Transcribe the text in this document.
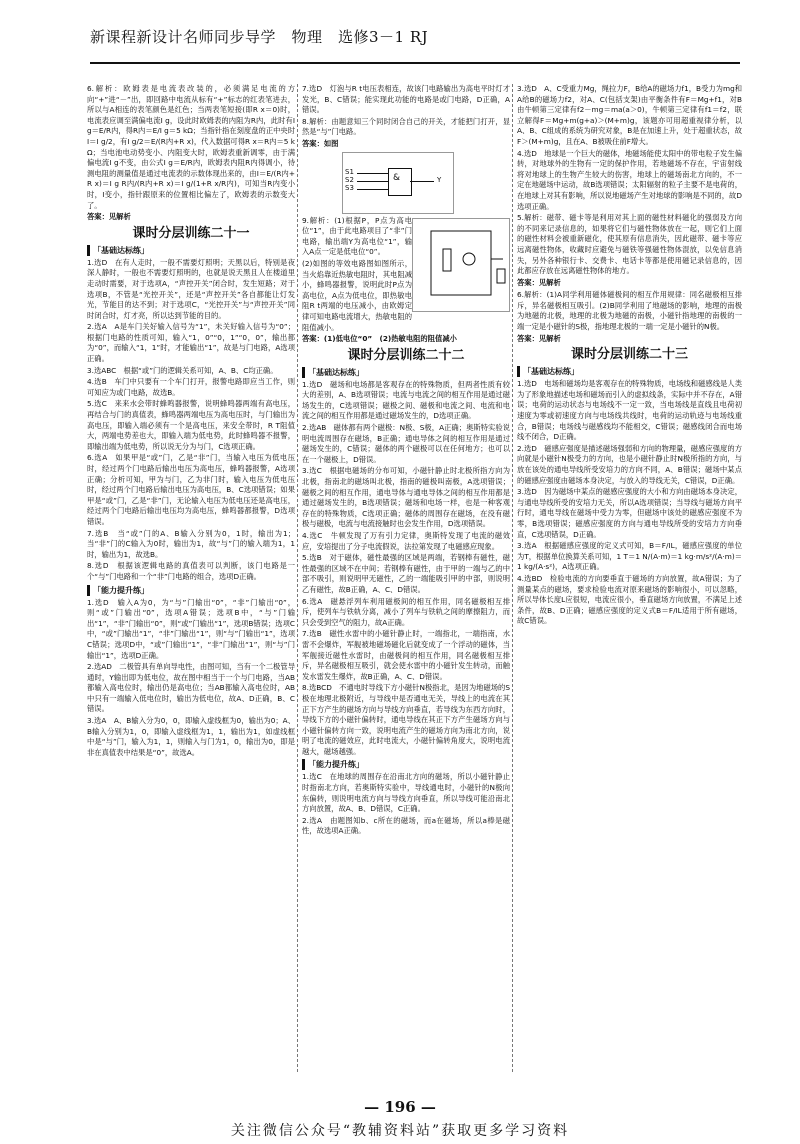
新课程新设计名师同步导学　物理　选修3－1 RJ

6.解析：欧姆表是电流表改装的，必须满足电流的方向“+”进“－”出，即回路中电流从标有“+”标志的红表笔进去，所以与A相连的表笔颜色是红色；当两表笔短接(即R x＝0)时，电流表应调至满偏电流I g，设此时欧姆表的内阻为R内，此时有I g＝E/R内，得R内＝E/I g＝5 kΩ；当指针指在刻度盘的正中央时I＝I g/2，有I g/2＝E/(R内+R x)，代入数据可得R x＝R内＝5 kΩ；当电池电动势变小、内阻变大时，欧姆表重新调零，由于满偏电流I g不变，由公式I g＝E/R内，欧姆表内阻R内得调小，待测电阻的测量值是通过电流表的示数体现出来的，由I＝E/(R内+R x)＝I g R内/(R内+R x)＝I g/(1+R x/R内)，可知当R内变小时，I变小，指针跟原来的位置相比偏左了，欧姆表的示数变大了。

答案：见解析

课时分层训练二十一
「基础达标练」

1.选D　在有人走时，一般不需要灯照明；天黑以后，特别是夜深人静时，一般也不需要灯照明的，也就是说天黑且人在楼道里走动时需要，对于选项A，“声控开关”闭合时，发生短路；对于选项B，不管是“光控开关”，还是“声控开关”各自都能让灯发光，节能目的达不到；对于选项C，“光控开关”与“声控开关”同时闭合时，灯才亮，所以达到节能的目的。

2.选A　A是车门关好输入信号为“1”，未关好输入信号为“0”；根据门电路的性质可知，输入“1，0”“0，1”“0，0”，输出都为“0”，而输入“1，1”时，才能输出“1”，故是与门电路，A选项正确。

3.选ABC　根据“或”门的逻辑关系可知，A、B、C均正确。

4.选B　车门中只要有一个车门打开，报警电路即应当工作，则可知应为或门电路，故选B。

5.选C　来来水会带时蜂鸣器报警，说明蜂鸣器两端有高电压，再结合与门的真值表，蜂鸣器两端电压为高电压时，与门输出为高电压，即输入端必须有一个是高电压，来安全带时，R T阻值大，两端电势差也大，即输入端为低电势，此时蜂鸣器不报警，即输出端为低电势，所以说无分为与门，C选项正确。

6.选A　如果甲是“或”门，乙是“非”门，当输入电压为低电压时，经过两个门电路后输出电压为高电压，蜂鸣器报警，A选项正确；分析可知，甲为与门，乙为非门时，输入电压为低电压时，经过两个门电路后输出电压为高电压，B、C选项错误；如果甲是“或”门，乙是“非”门，无论输入电压为低电压还是高电压，经过两个门电路后输出电压均为高电压，蜂鸣器都报警，D选项错误。

7.选B　当“或”门的A、B输入分别为0，1时，输出为1；当“非”门的C输入为0时，输出为1，故“与”门的输入端为1，1时，输出为1，故选B。

8.选D　根据该逻辑电路的真值表可以判断，该门电路是一个“与”门电路和一个“非”门电路的组合，选项D正确。

「能力提升练」

1.选D　输入A为0，为“与”门输出“0”，“非”门输出“0”，则“或”门输出“0”，选项A错误；选项B中，“与”门输出“1”，“非”门输出“0”，则“或”门输出“1”，选项B错误；选项C中，“或”门输出“1”，“非”门输出“1”，则“与”门输出“1”，选项C错误；选项D中，“或”门输出“1”，“非”门输出“1”，则“与”门输出“1”，选项D正确。

2.选AD　二极管具有单向导电性，由图可知，当有一个二极管导通时，Y输出即为低电位，故在图中相当于一个与门电路，当AB都输入高电位时，输出仍是高电位；当AB都输入高电位时，AB中只有一端输入低电位时，输出为低电位，故A、D正确，B、C错误。

3.选A　A、B输入分为0，0，即输入虚线框为0，输出为0；A、B输入分别为1，0，即输入虚线框为1，1，输出为1，如虚线框中是“与”门，输入为1，1，则输入与门为1，0，输出为0，即是非在真值表中结果是“0”，故选A。

7.选D　灯泡与R t电压表相连，故该门电路输出为高电平时灯才发光，B、C错误；能实现此功能的电路是或门电路，D正确，A错误。

8.解析：由题意知三个同时闭合自己的开关，才能把门打开，显然是“与”门电路。

答案：如图

S1
S2
S3
&	Y

9.解析：(1)根据P，P点为高电位“1”，由于此电路项目了“非”门电路，输出端Y为高电位“1”，输入A点一定是低电位“0”。

(2)如图的等效电路图如图所示，当火焰靠近热敏电阻时，其电阻减小，蜂鸣器报警，说明此时P点为高电位，A点为低电位，即热敏电阻R t两端的电压减小，由欧姆定律可知电路电流增大，热敏电阻的阻值减小。

答案：(1)低电位“0”　(2)热敏电阻的阻值减小

课时分层训练二十二
「基础达标练」

1.选D　磁场和电场都是客观存在的特殊物质，但两者性质有较大的差别，A、B选项错误；电流与电流之间的相互作用是通过磁场发生的，C选项错误；磁极之间、磁极和电流之间、电流和电流之间的相互作用都是通过磁场发生的，D选项正确。

2.选AB　磁体都有两个磁极：N极、S极，A正确；奥斯特实验说明电流周围存在磁场，B正确；通电导体之间的相互作用是通过磁场发生的，C错误；磁体的两个磁极可以在任何地方；也可以在一个磁极上，D错误。

3.选C　根据电磁场的分布可知，小磁针静止时北极所指方向为北极，指南北的磁场叫北极，指南的磁极叫南极，A选项错误；磁极之间的相互作用，通电导体与通电导体之间的相互作用都是通过磁场发生的，B选项错误；磁场和电场一样，也是一种客观存在的特殊物质，C选项正确；磁体的周围存在磁场，在没有磁极与磁极，电流与电流接触时也会发生作用，D选项错误。

4.选C　牛顿发现了万有引力定律，奥斯特发现了电流的磁效应，安培提出了分子电流假说，法拉第发现了电磁感应现象。

5.选B　对于磁体，磁性最强的区域是两端，若钢棒有磁性，磁性最强的区域不在中间；若钢棒有磁性，由于甲的一端与乙的中部不吸引，则说明甲无磁性，乙的一端能吸引甲的中部，则说明乙有磁性，故B正确，A、C、D错误。

6.选A　磁悬浮列车利用磁极间的相互作用，同名磁极相互排斥，使列车与铁轨分离，减小了列车与铁轨之间的摩擦阻力，而只会受到空气的阻力，故A正确。

7.选B　磁性水雷中的小磁针静止时，一端指北，一端指南，水雷不会爆炸，军舰被地磁场磁化后就变成了一个浮动的磁体，当军舰接近磁性水雷时，由磁极间的相互作用，同名磁极相互排斥，异名磁极相互吸引，就会使水雷中的小磁针发生转动，而触发水雷发生爆炸，故B正确，A、C、D错误。

8.选BCD　不通电时导线下方小磁针N极指北，是因为地磁场的S极在地理北极附近，与导线中是否通电无关，导线上的电流在其正下方产生的磁场方向与导线方向垂直，若导线为东西方向时，导线下方的小磁针偏转时，通电导线在其正下方产生磁场方向与小磁针偏转方向一致，说明电流产生的磁场方向为南北方向，说明了电流的磁效应，此时电流大，小磁针偏转角度大，说明电流越大，磁场越强。

「能力提升练」

1.选C　在地球的周围存在沿南北方向的磁场，所以小磁针静止时指南北方向，若奥斯特实验中，导线通电时，小磁针的N极向东偏转，则说明电流方向与导线方向垂直，所以导线可能沿南北方向放置，故A、B、D错误，C正确。

2.选A　由题图知b、c所在的磁场，而a在磁场，所以a棒是磁性，故选项A正确。

3.选D　A、C受重力Mg，绳拉力F，B给A的磁场力f1，B受力为mg和A给B的磁场力f2，对A、C(包括支架)由平衡条件有F＝Mg+f1，对B由牛顿第三定律有f2－mg＝ma(a＞0)，牛顿第三定律有f1＝f2，联立解得F＝Mg+m(g+a)＞(M+m)g，该题亦可用超重视律分析，以A、B、C组成的系统为研究对象，B是在加速上升，处于超重状态，故F＞(M+m)g，且在A、B被吸住前F增大。

4.选D　地球是一个巨大的磁体，地磁场能使太阳中的带电粒子发生偏转，对地球外的生物有一定的保护作用，若地磁场不存在，宇宙射线将对地球上的生物产生较大的伤害，地球上的磁场南北方向的，不一定在地磁场中运动，故B选项错误；太阳辐射的粒子主要不是电荷的，在地球上对其有影响，所以说地磁场产生对地球的影响是不同的，故D选项正确。

5.解析：磁带、磁卡等是利用对其上面的磁性材料磁化的强弱及方向的不同来记录信息的，如果将它们与磁性物体放在一起，则它们上面的磁性材料会被重新磁化，使其原有信息消失，因此磁带、磁卡等应远离磁性物体，收藏时应避免与磁铁等强磁性物体混放，以免信息消失，另外各种银行卡、交费卡、电话卡等都是使用磁记录信息的，因此都应存放在远离磁性物体的地方。

答案：见解析

6.解析：(1)A同学利用磁体磁极间的相互作用规律：同名磁极相互排斥，异名磁极相互吸引。(2)B同学利用了地磁场的影响，地理的南极为地磁的北极，地理的北极为地磁的南极，小磁针指地理的南极的一端一定是小磁针的S极，指地理北极的一端一定是小磁针的N极。

答案：见解析

课时分层训练二十三
「基础达标练」

1.选D　电场和磁场均是客观存在的特殊物质，电场线和磁感线是人类为了形象地描述电场和磁场而引入的虚拟线条，实际中并不存在，A错误；电荷的运动状态与电场线不一定一致，当电场线是直线且电荷初速度为零或初速度方向与电场线共线时，电荷的运动轨迹与电场线重合，B错误；电场线与磁感线均不能相交，C错误；磁感线闭合而电场线不闭合，D正确。

2.选D　磁感应强度是描述磁场强弱和方向的物理量，磁感应强度的方向就是小磁针N极受力的方向，也是小磁针静止时N极所指的方向，与放在该处的通电导线所受安培力的方向不同，A、B错误；磁场中某点的磁感应强度由磁场本身决定，与放入的导线无关，C错误，D正确。

3.选D　因为磁场中某点的磁感应强度的大小和方向由磁场本身决定，与通电导线所受的安培力无关，所以A选项错误；当导线与磁场方向平行时，通电导线在磁场中受力为零，但磁场中该处的磁感应强度不为零，B选项错误；磁感应强度的方向与通电导线所受的安培力方向垂直，C选项错误，D正确。

3.选A　根据磁感应强度的定义式可知，B＝F/IL，磁感应强度的单位为T，根据单位换算关系可知，1 T＝1 N/(A·m)＝1 kg·m/s²/(A·m)＝1 kg/(A·s²)，A选项正确。

4.选BD　检验电流的方向要垂直于磁场的方向放置，故A错误；为了测量某点的磁场，要求检验电流对原来磁场的影响很小，可以忽略，所以导体长度L应很短，电流应很小，垂直磁场方向放置，不满足上述条件，故B、D正确；磁感应强度的定义式B＝F/IL适用于所有磁场，故C错误。

— 196 —
关注微信公众号“教辅资料站”获取更多学习资料
